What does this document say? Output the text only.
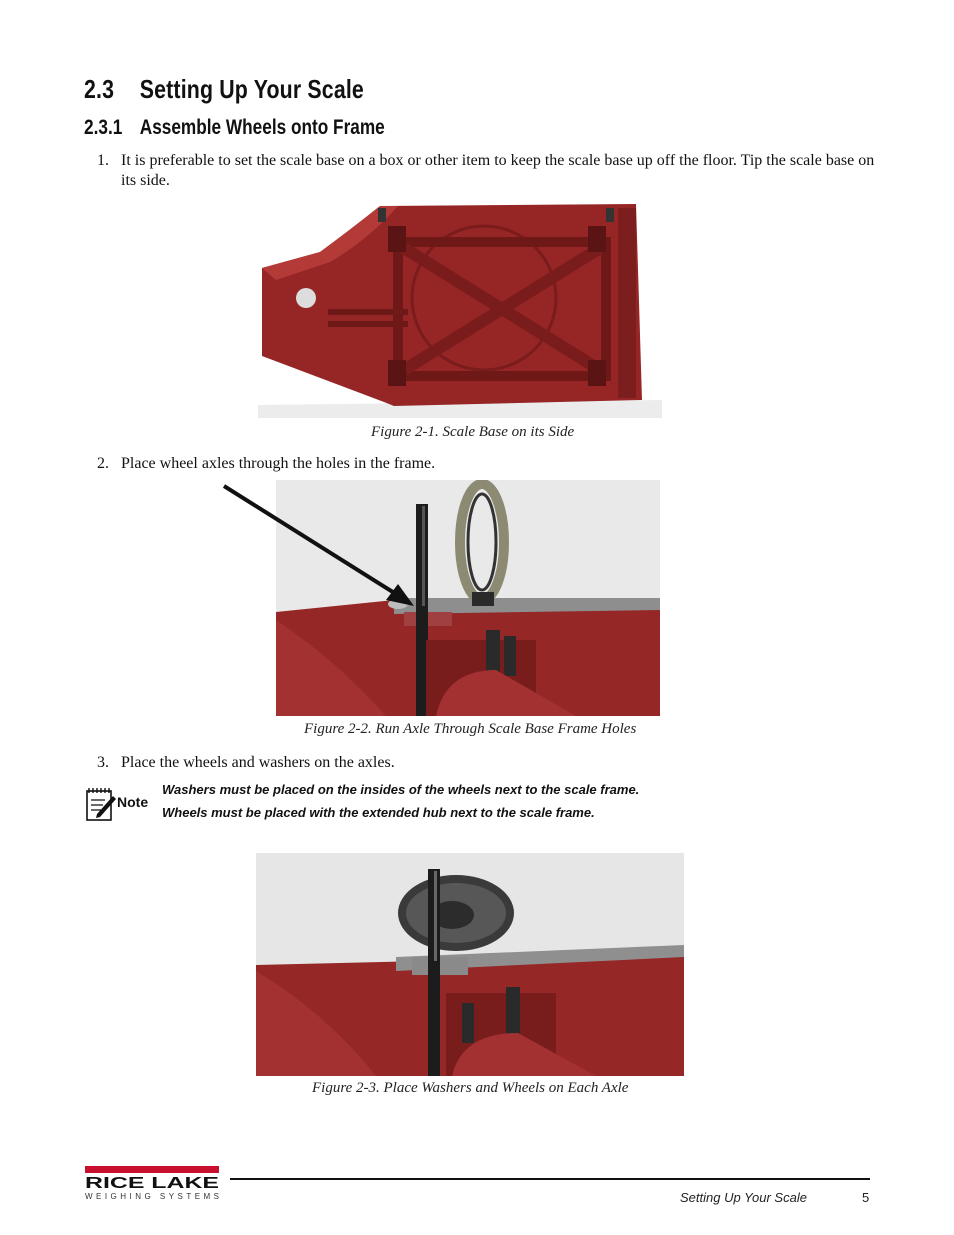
2.3 Setting Up Your Scale
2.3.1 Assemble Wheels onto Frame
1. It is preferable to set the scale base on a box or other item to keep the scale base up off the floor. Tip the scale base on its side.
Figure 2-1. Scale Base on its Side
2. Place wheel axles through the holes in the frame.
Figure 2-2. Run Axle Through Scale Base Frame Holes
3. Place the wheels and washers on the axles.
Note
Washers must be placed on the insides of the wheels next to the scale frame.
Wheels must be placed with the extended hub next to the scale frame.
Figure 2-3. Place Washers and Wheels on Each Axle
RICE LAKE
WEIGHING SYSTEMS	Setting Up Your Scale	5
